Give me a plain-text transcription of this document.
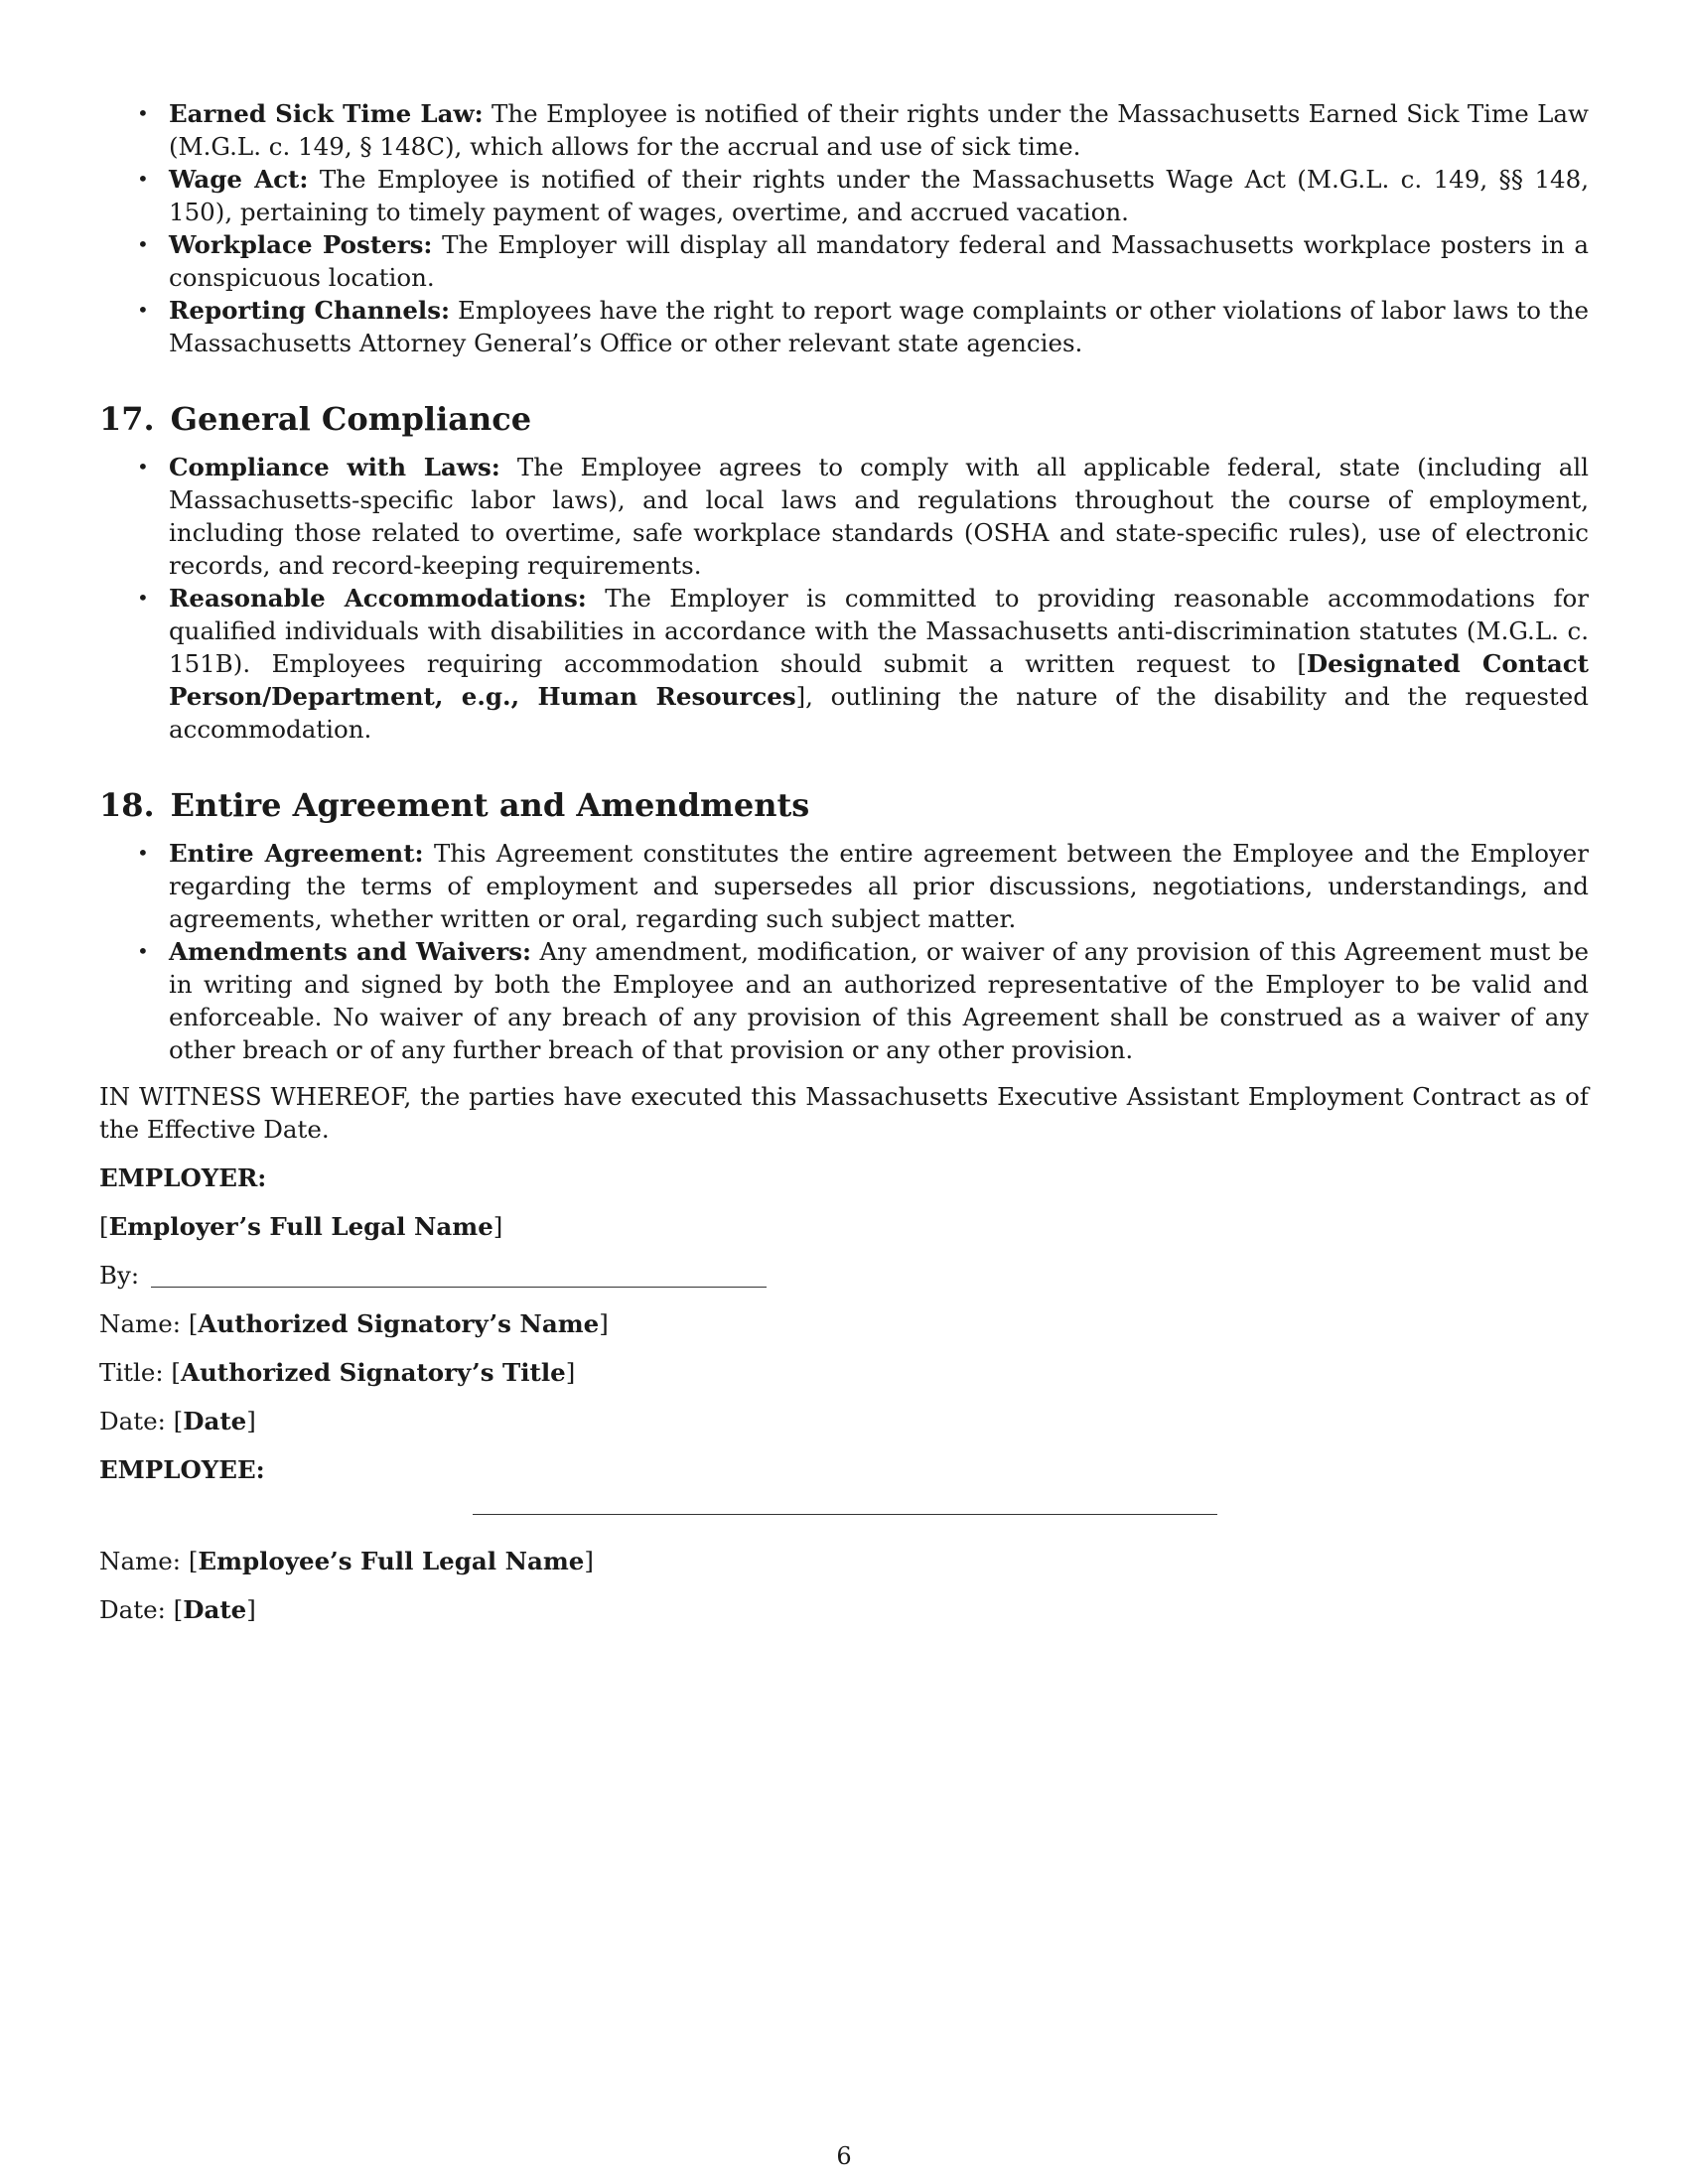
• Earned Sick Time Law: The Employee is notified of their rights under the Massachusetts Earned Sick Time Law (M.G.L. c. 149, § 148C), which allows for the accrual and use of sick time.
• Wage Act: The Employee is notified of their rights under the Massachusetts Wage Act (M.G.L. c. 149, §§ 148, 150), pertaining to timely payment of wages, overtime, and accrued vacation.
• Workplace Posters: The Employer will display all mandatory federal and Massachusetts workplace posters in a conspicuous location.
• Reporting Channels: Employees have the right to report wage complaints or other violations of labor laws to the Massachusetts Attorney General’s Office or other relevant state agencies.
17. General Compliance
• Compliance with Laws: The Employee agrees to comply with all applicable federal, state (including all Massachusetts-specific labor laws), and local laws and regulations throughout the course of employment, including those related to overtime, safe workplace standards (OSHA and state-specific rules), use of electronic records, and record-keeping requirements.
• Reasonable Accommodations: The Employer is committed to providing reasonable accommodations for qualified individuals with disabilities in accordance with the Massachusetts anti-discrimination statutes (M.G.L. c. 151B). Employees requiring accommodation should submit a written request to [Designated Contact Person/Department, e.g., Human Resources], outlining the nature of the disability and the requested accommodation.
18. Entire Agreement and Amendments
• Entire Agreement: This Agreement constitutes the entire agreement between the Employee and the Employer regarding the terms of employment and supersedes all prior discussions, negotiations, understandings, and agreements, whether written or oral, regarding such subject matter.
• Amendments and Waivers: Any amendment, modification, or waiver of any provision of this Agreement must be in writing and signed by both the Employee and an authorized representative of the Employer to be valid and enforceable. No waiver of any breach of any provision of this Agreement shall be construed as a waiver of any other breach or of any further breach of that provision or any other provision.

IN WITNESS WHEREOF, the parties have executed this Massachusetts Executive Assistant Employment Contract as of the Effective Date.

EMPLOYER:
[Employer’s Full Legal Name]
By:
Name: [Authorized Signatory’s Name]
Title: [Authorized Signatory’s Title]
Date: [Date]
EMPLOYEE:
Name: [Employee’s Full Legal Name]
Date: [Date]
6
